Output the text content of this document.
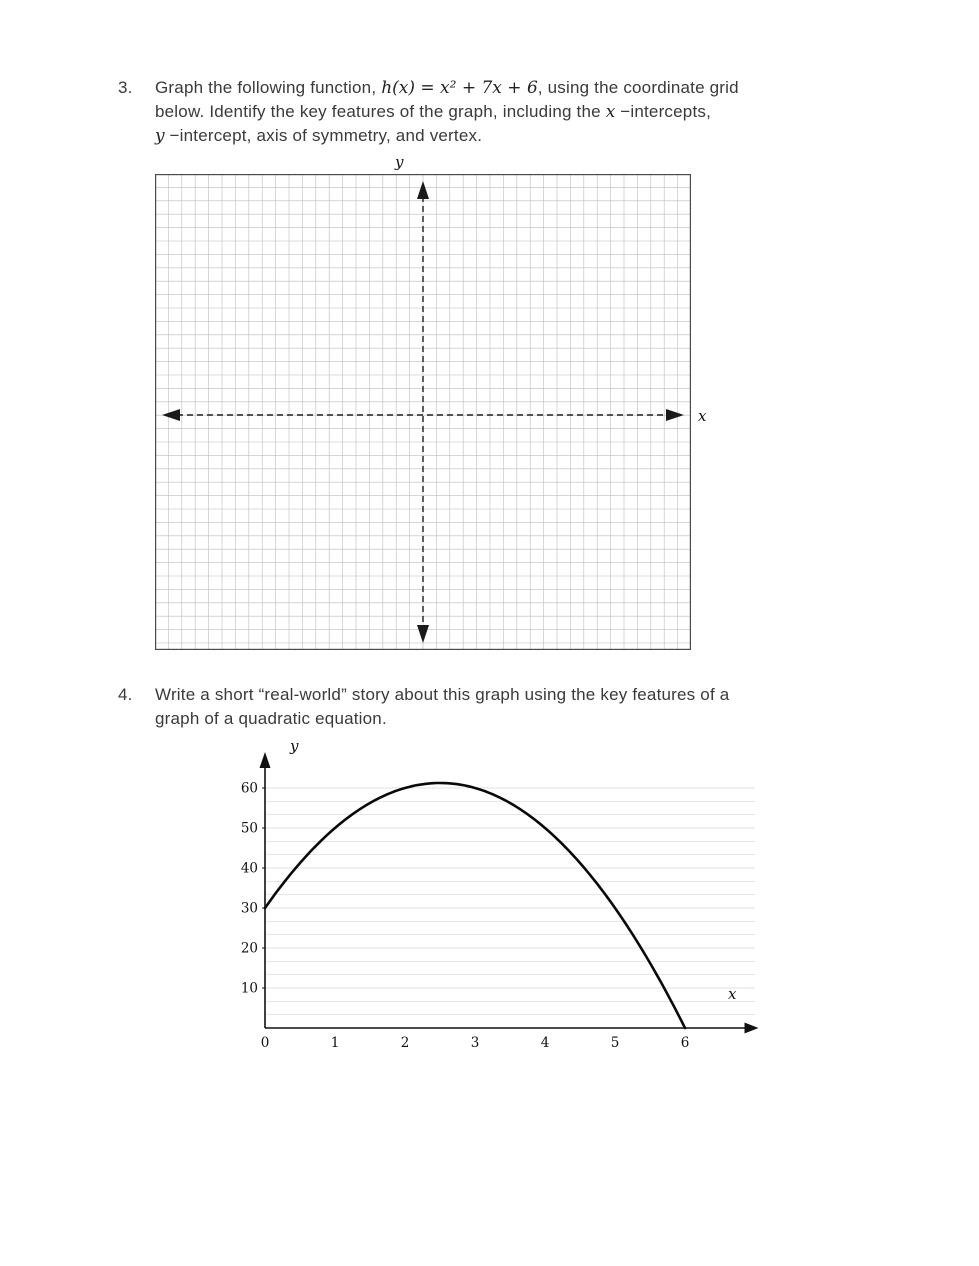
3.	Graph the following function, h(x) = x² + 7x + 6, using the coordinate grid
below. Identify the key features of the graph, including the x −intercepts,
y −intercept, axis of symmetry, and vertex.
y
x
4.	Write a short “real-world” story about this graph using the key features of a
graph of a quadratic equation.
y
10
20
30
40
50
60
0	1	2	3	4	5	6
x
